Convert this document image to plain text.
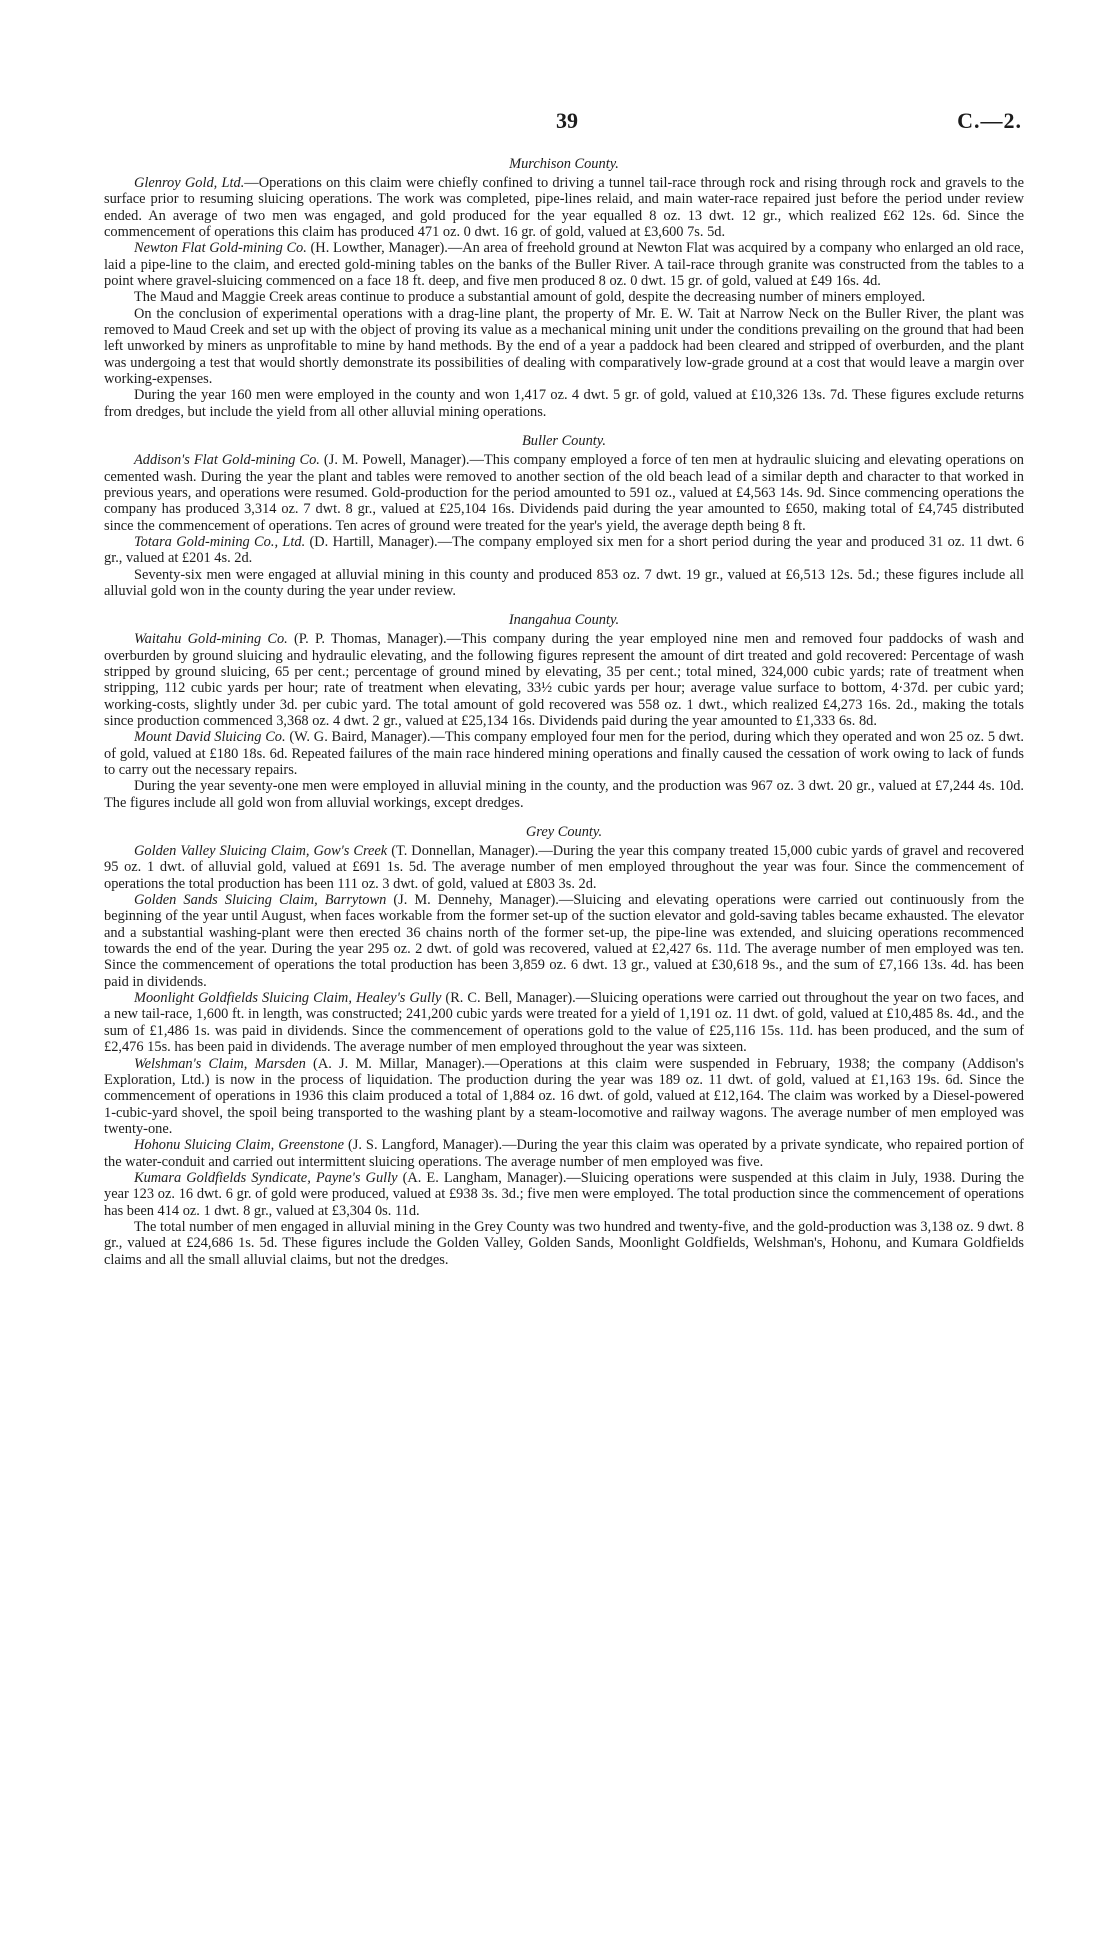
39	C.—2.

Murchison County.

Glenroy Gold, Ltd.—Operations on this claim were chiefly confined to driving a tunnel tail-race through rock and rising through rock and gravels to the surface prior to resuming sluicing operations. The work was completed, pipe-lines relaid, and main water-race repaired just before the period under review ended. An average of two men was engaged, and gold produced for the year equalled 8 oz. 13 dwt. 12 gr., which realized £62 12s. 6d. Since the commencement of operations this claim has produced 471 oz. 0 dwt. 16 gr. of gold, valued at £3,600 7s. 5d.

Newton Flat Gold-mining Co. (H. Lowther, Manager).—An area of freehold ground at Newton Flat was acquired by a company who enlarged an old race, laid a pipe-line to the claim, and erected gold-mining tables on the banks of the Buller River. A tail-race through granite was constructed from the tables to a point where gravel-sluicing commenced on a face 18 ft. deep, and five men produced 8 oz. 0 dwt. 15 gr. of gold, valued at £49 16s. 4d.

The Maud and Maggie Creek areas continue to produce a substantial amount of gold, despite the decreasing number of miners employed.

On the conclusion of experimental operations with a drag-line plant, the property of Mr. E. W. Tait at Narrow Neck on the Buller River, the plant was removed to Maud Creek and set up with the object of proving its value as a mechanical mining unit under the conditions prevailing on the ground that had been left unworked by miners as unprofitable to mine by hand methods. By the end of a year a paddock had been cleared and stripped of overburden, and the plant was undergoing a test that would shortly demonstrate its possibilities of dealing with comparatively low-grade ground at a cost that would leave a margin over working-expenses.

During the year 160 men were employed in the county and won 1,417 oz. 4 dwt. 5 gr. of gold, valued at £10,326 13s. 7d. These figures exclude returns from dredges, but include the yield from all other alluvial mining operations.

Buller County.

Addison's Flat Gold-mining Co. (J. M. Powell, Manager).—This company employed a force of ten men at hydraulic sluicing and elevating operations on cemented wash. During the year the plant and tables were removed to another section of the old beach lead of a similar depth and character to that worked in previous years, and operations were resumed. Gold-production for the period amounted to 591 oz., valued at £4,563 14s. 9d. Since commencing operations the company has produced 3,314 oz. 7 dwt. 8 gr., valued at £25,104 16s. Dividends paid during the year amounted to £650, making total of £4,745 distributed since the commencement of operations. Ten acres of ground were treated for the year's yield, the average depth being 8 ft.

Totara Gold-mining Co., Ltd. (D. Hartill, Manager).—The company employed six men for a short period during the year and produced 31 oz. 11 dwt. 6 gr., valued at £201 4s. 2d.

Seventy-six men were engaged at alluvial mining in this county and produced 853 oz. 7 dwt. 19 gr., valued at £6,513 12s. 5d.; these figures include all alluvial gold won in the county during the year under review.

Inangahua County.

Waitahu Gold-mining Co. (P. P. Thomas, Manager).—This company during the year employed nine men and removed four paddocks of wash and overburden by ground sluicing and hydraulic elevating, and the following figures represent the amount of dirt treated and gold recovered: Percentage of wash stripped by ground sluicing, 65 per cent.; percentage of ground mined by elevating, 35 per cent.; total mined, 324,000 cubic yards; rate of treatment when stripping, 112 cubic yards per hour; rate of treatment when elevating, 33½ cubic yards per hour; average value surface to bottom, 4·37d. per cubic yard; working-costs, slightly under 3d. per cubic yard. The total amount of gold recovered was 558 oz. 1 dwt., which realized £4,273 16s. 2d., making the totals since production commenced 3,368 oz. 4 dwt. 2 gr., valued at £25,134 16s. Dividends paid during the year amounted to £1,333 6s. 8d.

Mount David Sluicing Co. (W. G. Baird, Manager).—This company employed four men for the period, during which they operated and won 25 oz. 5 dwt. of gold, valued at £180 18s. 6d. Repeated failures of the main race hindered mining operations and finally caused the cessation of work owing to lack of funds to carry out the necessary repairs.

During the year seventy-one men were employed in alluvial mining in the county, and the production was 967 oz. 3 dwt. 20 gr., valued at £7,244 4s. 10d. The figures include all gold won from alluvial workings, except dredges.

Grey County.

Golden Valley Sluicing Claim, Gow's Creek (T. Donnellan, Manager).—During the year this company treated 15,000 cubic yards of gravel and recovered 95 oz. 1 dwt. of alluvial gold, valued at £691 1s. 5d. The average number of men employed throughout the year was four. Since the commencement of operations the total production has been 111 oz. 3 dwt. of gold, valued at £803 3s. 2d.

Golden Sands Sluicing Claim, Barrytown (J. M. Dennehy, Manager).—Sluicing and elevating operations were carried out continuously from the beginning of the year until August, when faces workable from the former set-up of the suction elevator and gold-saving tables became exhausted. The elevator and a substantial washing-plant were then erected 36 chains north of the former set-up, the pipe-line was extended, and sluicing operations recommenced towards the end of the year. During the year 295 oz. 2 dwt. of gold was recovered, valued at £2,427 6s. 11d. The average number of men employed was ten. Since the commencement of operations the total production has been 3,859 oz. 6 dwt. 13 gr., valued at £30,618 9s., and the sum of £7,166 13s. 4d. has been paid in dividends.

Moonlight Goldfields Sluicing Claim, Healey's Gully (R. C. Bell, Manager).—Sluicing operations were carried out throughout the year on two faces, and a new tail-race, 1,600 ft. in length, was constructed; 241,200 cubic yards were treated for a yield of 1,191 oz. 11 dwt. of gold, valued at £10,485 8s. 4d., and the sum of £1,486 1s. was paid in dividends. Since the commencement of operations gold to the value of £25,116 15s. 11d. has been produced, and the sum of £2,476 15s. has been paid in dividends. The average number of men employed throughout the year was sixteen.

Welshman's Claim, Marsden (A. J. M. Millar, Manager).—Operations at this claim were suspended in February, 1938; the company (Addison's Exploration, Ltd.) is now in the process of liquidation. The production during the year was 189 oz. 11 dwt. of gold, valued at £1,163 19s. 6d. Since the commencement of operations in 1936 this claim produced a total of 1,884 oz. 16 dwt. of gold, valued at £12,164. The claim was worked by a Diesel-powered 1-cubic-yard shovel, the spoil being transported to the washing plant by a steam-locomotive and railway wagons. The average number of men employed was twenty-one.

Hohonu Sluicing Claim, Greenstone (J. S. Langford, Manager).—During the year this claim was operated by a private syndicate, who repaired portion of the water-conduit and carried out intermittent sluicing operations. The average number of men employed was five.

Kumara Goldfields Syndicate, Payne's Gully (A. E. Langham, Manager).—Sluicing operations were suspended at this claim in July, 1938. During the year 123 oz. 16 dwt. 6 gr. of gold were produced, valued at £938 3s. 3d.; five men were employed. The total production since the commencement of operations has been 414 oz. 1 dwt. 8 gr., valued at £3,304 0s. 11d.

The total number of men engaged in alluvial mining in the Grey County was two hundred and twenty-five, and the gold-production was 3,138 oz. 9 dwt. 8 gr., valued at £24,686 1s. 5d. These figures include the Golden Valley, Golden Sands, Moonlight Goldfields, Welshman's, Hohonu, and Kumara Goldfields claims and all the small alluvial claims, but not the dredges.
